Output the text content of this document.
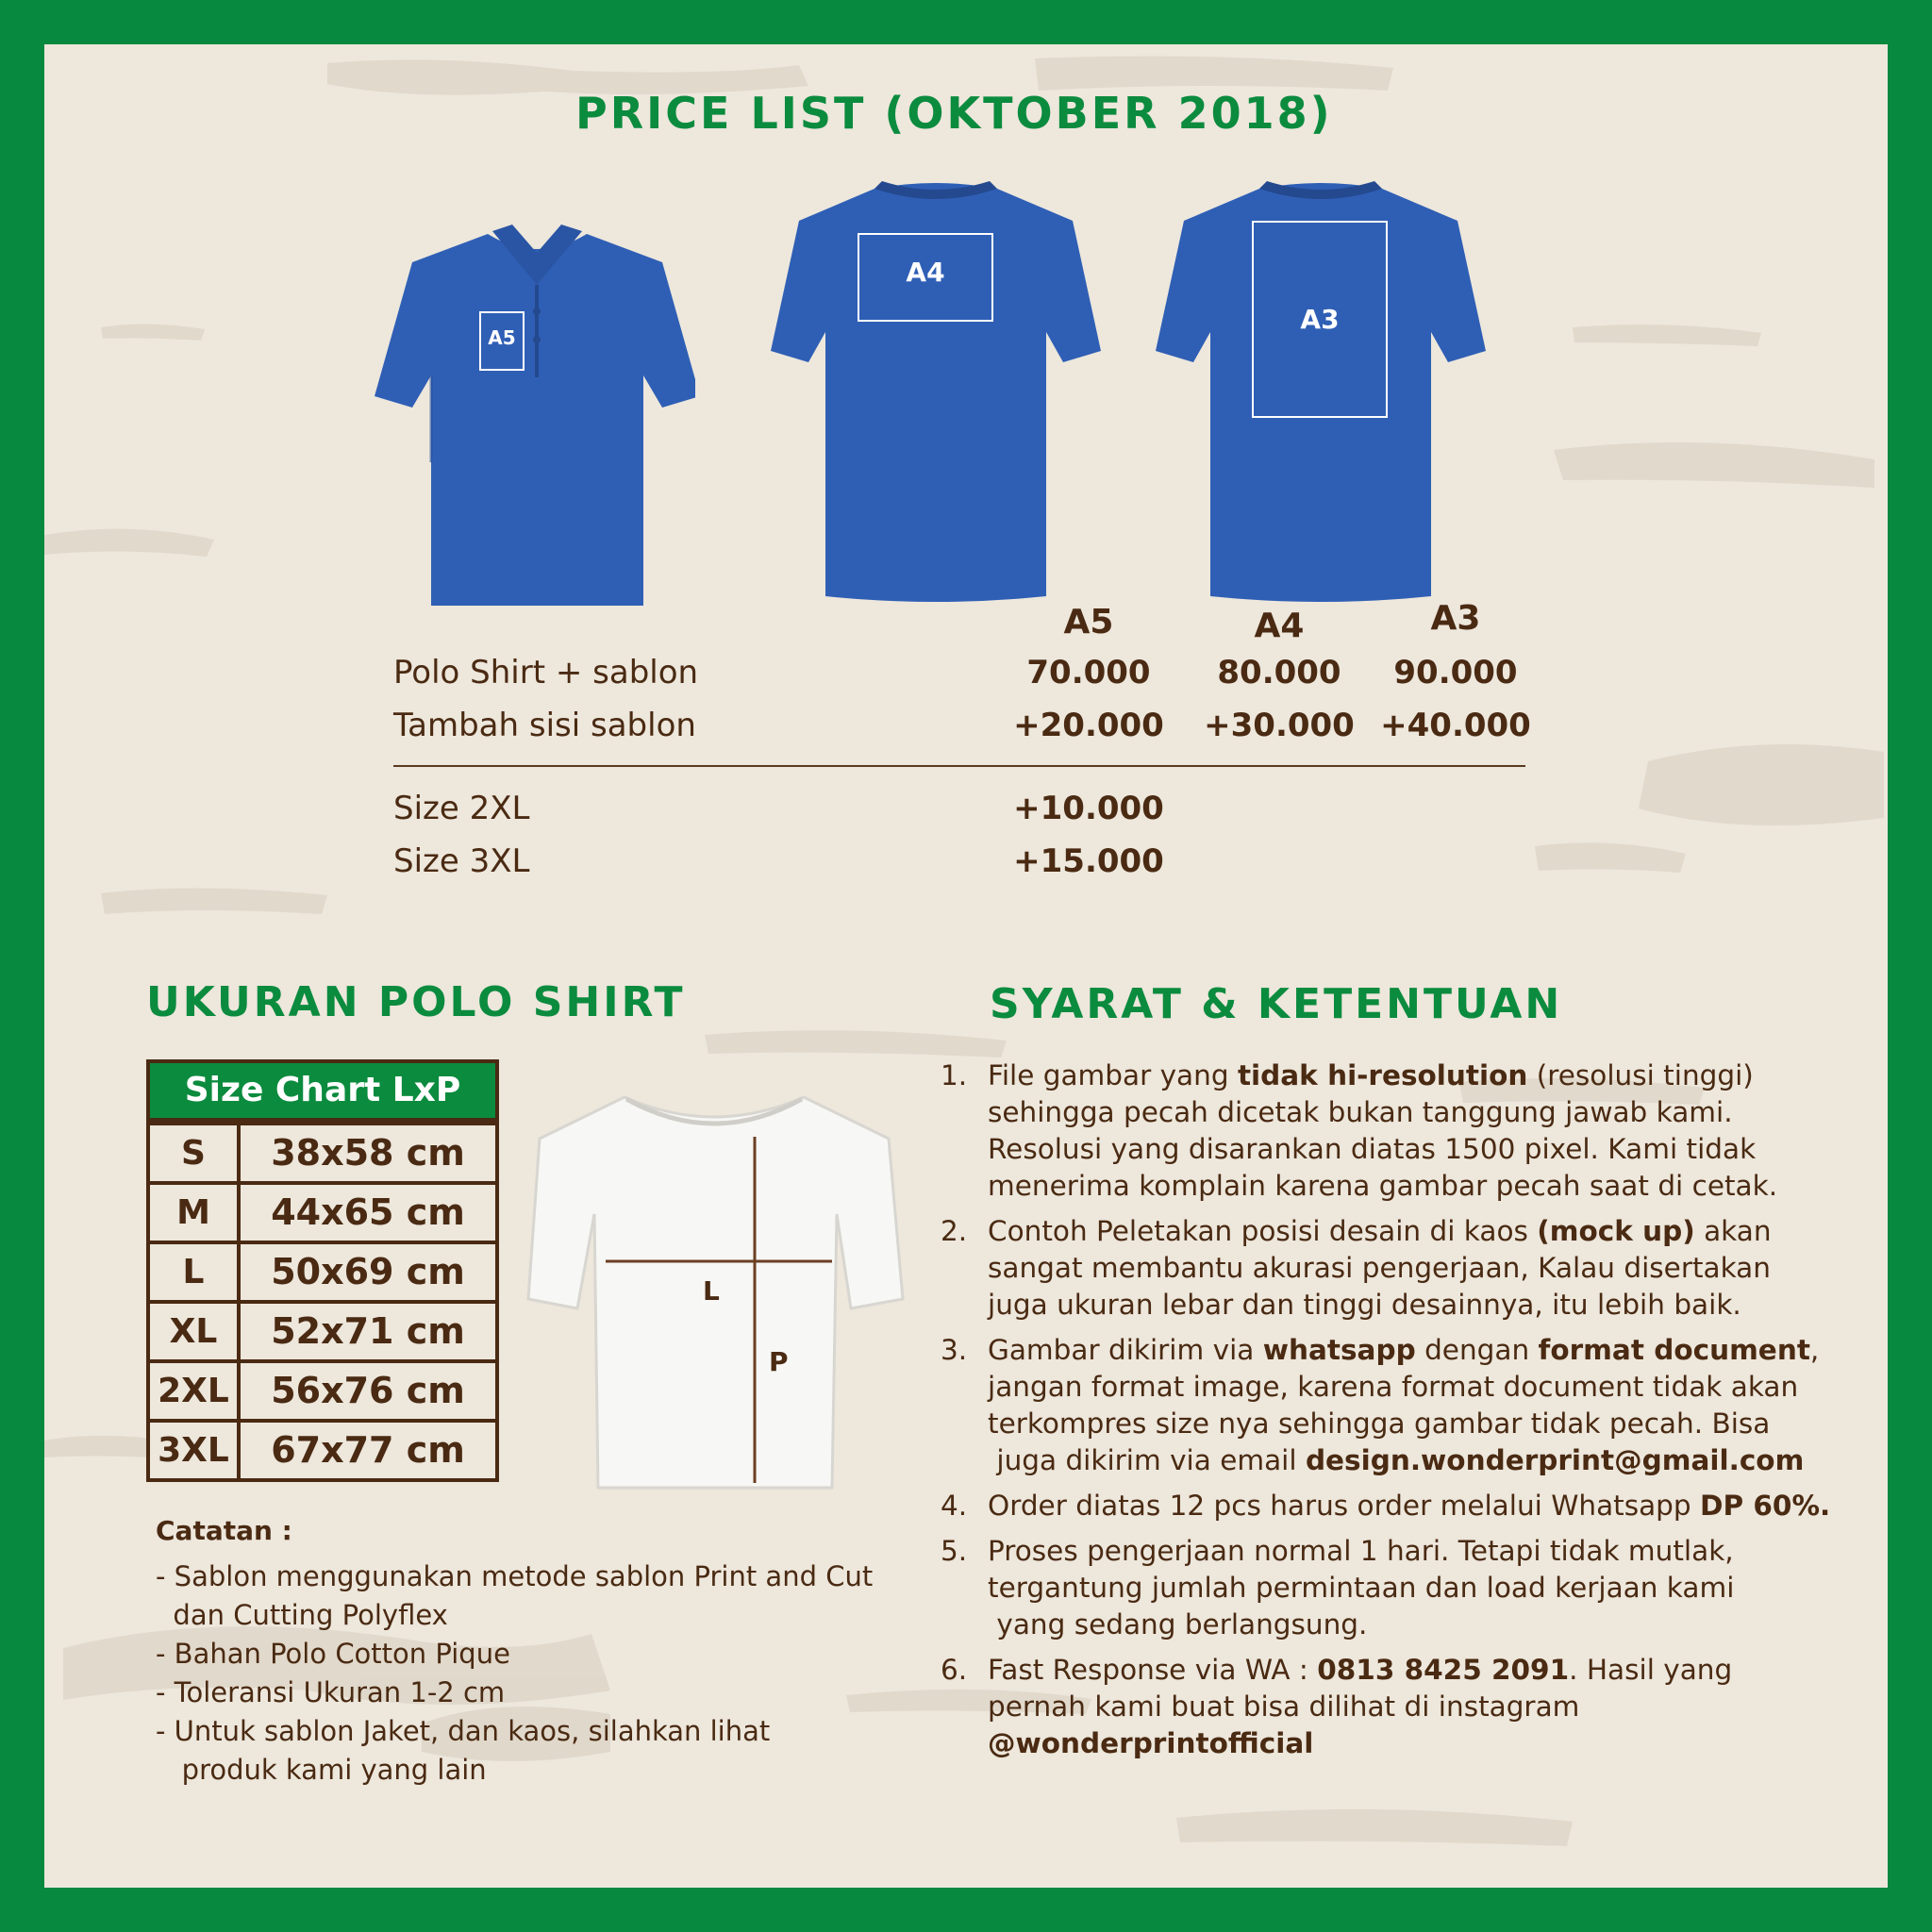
PRICE LIST (OKTOBER 2018)
A5
A4
A3
A5	A4	A3
Polo Shirt + sablon	70.000	80.000	90.000
Tambah sisi sablon	+20.000 +30.000 +40.000
Size 2XL	+10.000
Size 3XL	+15.000
UKURAN POLO SHIRT
Size Chart LxP
S	38x58 cm
M	44x65 cm
L	50x69 cm
XL	52x71 cm
2XL	56x76 cm
3XL	67x77 cm
L
P
Catatan :
- Sablon menggunakan metode sablon Print and Cut
dan Cutting Polyflex
- Bahan Polo Cotton Pique
- Toleransi Ukuran 1-2 cm
- Untuk sablon Jaket, dan kaos, silahkan lihat
produk kami yang lain
SYARAT & KETENTUAN
1. File gambar yang tidak hi-resolution (resolusi tinggi)
sehingga pecah dicetak bukan tanggung jawab kami.
Resolusi yang disarankan diatas 1500 pixel. Kami tidak
menerima komplain karena gambar pecah saat di cetak.
2. Contoh Peletakan posisi desain di kaos (mock up) akan
sangat membantu akurasi pengerjaan, Kalau disertakan
juga ukuran lebar dan tinggi desainnya, itu lebih baik.
3. Gambar dikirim via whatsapp dengan format document,
jangan format image, karena format document tidak akan
terkompres size nya sehingga gambar tidak pecah. Bisa
juga dikirim via email design.wonderprint@gmail.com
4. Order diatas 12 pcs harus order melalui Whatsapp DP 60%.
5. Proses pengerjaan normal 1 hari. Tetapi tidak mutlak,
tergantung jumlah permintaan dan load kerjaan kami
yang sedang berlangsung.
6. Fast Response via WA : 0813 8425 2091. Hasil yang
pernah kami buat bisa dilihat di instagram
@wonderprintofficial
